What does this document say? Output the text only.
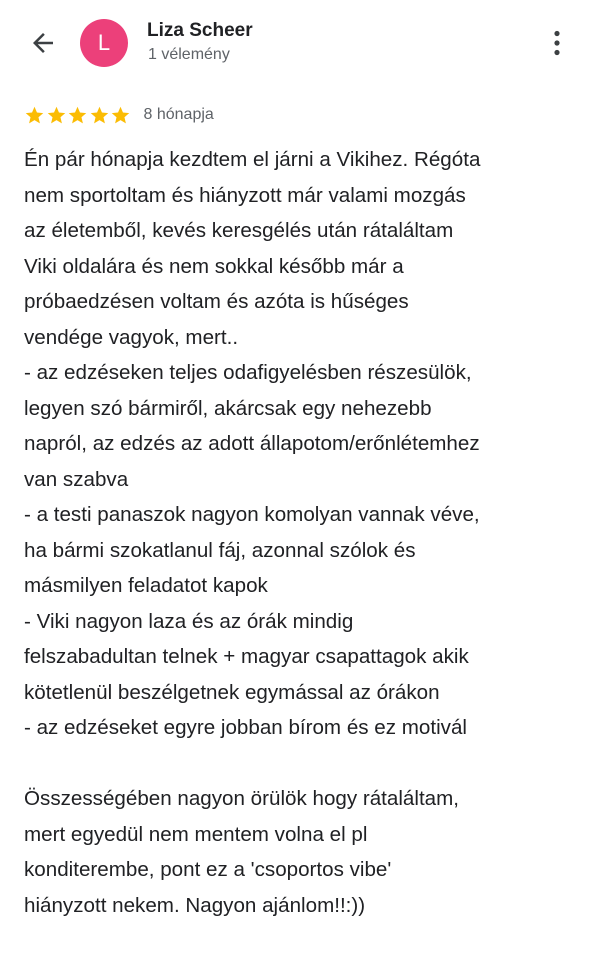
L Liza Scheer
1 vélemény
8 hónapja

Én pár hónapja kezdtem el járni a Vikihez. Régóta
nem sportoltam és hiányzott már valami mozgás
az életemből, kevés keresgélés után rátaláltam
Viki oldalára és nem sokkal később már a
próbaedzésen voltam és azóta is hűséges
vendége vagyok, mert..
- az edzéseken teljes odafigyelésben részesülök,
legyen szó bármiről, akárcsak egy nehezebb
napról, az edzés az adott állapotom/erőnlétemhez
van szabva
- a testi panaszok nagyon komolyan vannak véve,
ha bármi szokatlanul fáj, azonnal szólok és
másmilyen feladatot kapok
- Viki nagyon laza és az órák mindig
felszabadultan telnek + magyar csapattagok akik
kötetlenül beszélgetnek egymással az órákon
- az edzéseket egyre jobban bírom és ez motivál

Összességében nagyon örülök hogy rátaláltam,
mert egyedül nem mentem volna el pl
konditerembe, pont ez a 'csoportos vibe'
hiányzott nekem. Nagyon ajánlom!!:))
